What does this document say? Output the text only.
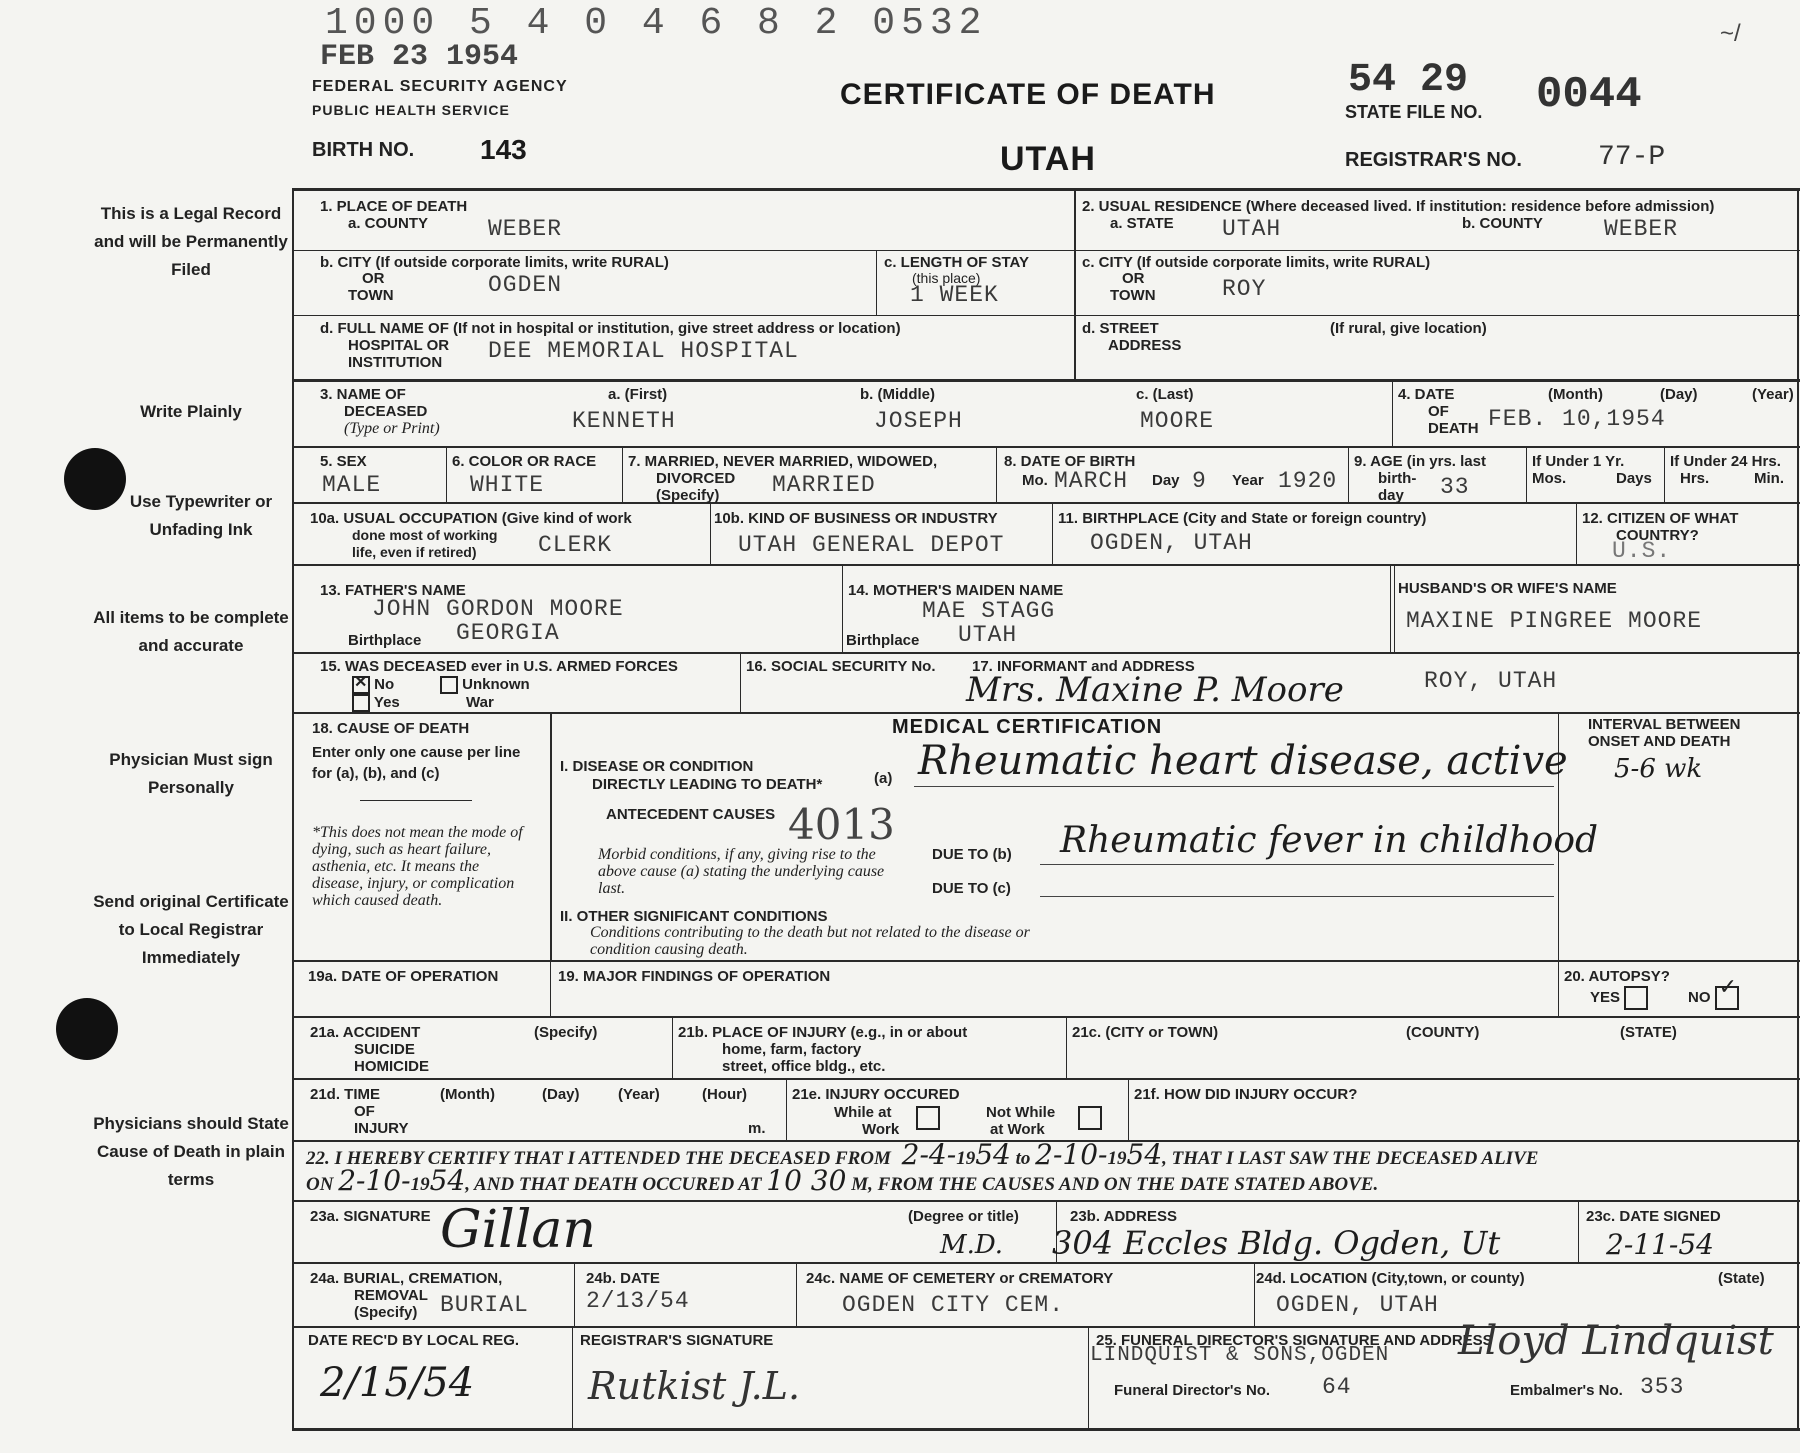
1000 5 4 0 4 6 8 2 0532
FEB 23 1954
FEDERAL SECURITY AGENCY
PUBLIC HEALTH SERVICE	CERTIFICATE OF DEATH
UTAH
BIRTH NO. 143
54 29
STATE FILE NO. 0044
REGISTRAR'S NO.	77-P
~/
This is a Legal Record and will be Permanently Filed
Write Plainly
Use Typewriter or Unfading Ink
All items to be complete and accurate
Physician Must sign Personally
Send original Certificate to Local Registrar Immediately
Physicians should State Cause of Death in plain terms
1. PLACE OF DEATH
a. COUNTY	WEBER
b. CITY (If outside corporate limits, write RURAL)
OR
TOWN	OGDEN
c. LENGTH OF STAY
(this place)
1 WEEK
d. FULL NAME OF (If not in hospital or institution, give street address or location)
HOSPITAL OR
INSTITUTION DEE MEMORIAL HOSPITAL
2. USUAL RESIDENCE (Where deceased lived. If institution: residence before admission)
a. STATE UTAH	b. COUNTY	WEBER
c. CITY (If outside corporate limits, write RURAL)
OR
TOWN	ROY
d. STREET
ADDRESS
(If rural, give location)
3. NAME OF
DECEASED
(Type or Print)
a. (First)
KENNETH
b. (Middle)
JOSEPH
c. (Last)
MOORE
4. DATE
OF
DEATH
(Month)	(Day)	(Year)
FEB. 10,1954
5. SEX
MALE
6. COLOR OR RACE
WHITE
7. MARRIED, NEVER MARRIED, WIDOWED,
DIVORCED
(Specify) MARRIED
8. DATE OF BIRTH
Mo. MARCH Day 9 Year 1920
9. AGE (in yrs. last
birth-
day 33
If Under 1 Yr.
Mos.	Days
If Under 24 Hrs.
Hrs.	Min.
10a. USUAL OCCUPATION (Give kind of work
done most of working
life, even if retired)	CLERK
10b. KIND OF BUSINESS OR INDUSTRY
UTAH GENERAL DEPOT
11. BIRTHPLACE (City and State or foreign country)
OGDEN, UTAH
12. CITIZEN OF WHAT
COUNTRY?
U.S.
13. FATHER'S NAME
JOHN GORDON MOORE
Birthplace GEORGIA
14. MOTHER'S MAIDEN NAME
MAE STAGG
Birthplace UTAH
HUSBAND'S OR WIFE'S NAME
MAXINE PINGREE MOORE
15. WAS DECEASED ever in U.S. ARMED FORCES
✕ No	Unknown
Yes	War
16. SOCIAL SECURITY No. 17. INFORMANT and ADDRESS
Mrs. Maxine P. Moore	ROY, UTAH
18. CAUSE OF DEATH
Enter only one cause per line for (a), (b), and (c)
*This does not mean the mode of dying, such as heart failure, asthenia, etc. It means the disease, injury, or complication which caused death.
MEDICAL CERTIFICATION	INTERVAL BETWEEN ONSET AND DEATH
I. DISEASE OR CONDITION
DIRECTLY LEADING TO DEATH*	(a) Rheumatic heart disease, active 5-6 wk
ANTECEDENT CAUSES 4013
Morbid conditions, if any, giving rise to the above cause (a) stating the underlying cause last.
DUE TO (b) Rheumatic fever in childhood
DUE TO (c)
II. OTHER SIGNIFICANT CONDITIONS
Conditions contributing to the death but not related to the disease or condition causing death.
19a. DATE OF OPERATION	19. MAJOR FINDINGS OF OPERATION	20. AUTOPSY?
YES	NO ✓
21a. ACCIDENT
SUICIDE
HOMICIDE
(Specify)	21b. PLACE OF INJURY (e.g., in or about
home, farm, factory
street, office bldg., etc.
21c. (CITY or TOWN)	(COUNTY)	(STATE)
21d. TIME
OF
INJURY
(Month)	(Day)	(Year)	(Hour)
m.
21e. INJURY OCCURED
While at
Work
Not While
at Work
21f. HOW DID INJURY OCCUR?
22. I HEREBY CERTIFY THAT I ATTENDED THE DECEASED FROM 2-4-1954 to 2-10-1954, THAT I LAST SAW THE DECEASED ALIVE
ON 2-10-1954, AND THAT DEATH OCCURED AT 10 30 M, FROM THE CAUSES AND ON THE DATE STATED ABOVE.
23a. SIGNATURE Gillan	(Degree or title)
M.D.
23b. ADDRESS
304 Eccles Bldg. Ogden, Ut
23c. DATE SIGNED
2-11-54
24a. BURIAL, CREMATION,
REMOVAL
(Specify) BURIAL
24b. DATE
2/13/54
24c. NAME OF CEMETERY or CREMATORY
OGDEN CITY CEM.
24d. LOCATION (City,town, or county)	(State)
OGDEN, UTAH
DATE REC'D BY LOCAL REG.
2/15/54
REGISTRAR'S SIGNATURE
Rutkist J.L.
25. FUNERAL DIRECTOR'S SIGNATURE AND ADDRESS
LINDQUIST & SONS,OGDEN Lloyd Lindquist
Funeral Director's No. 64	Embalmer's No. 353
